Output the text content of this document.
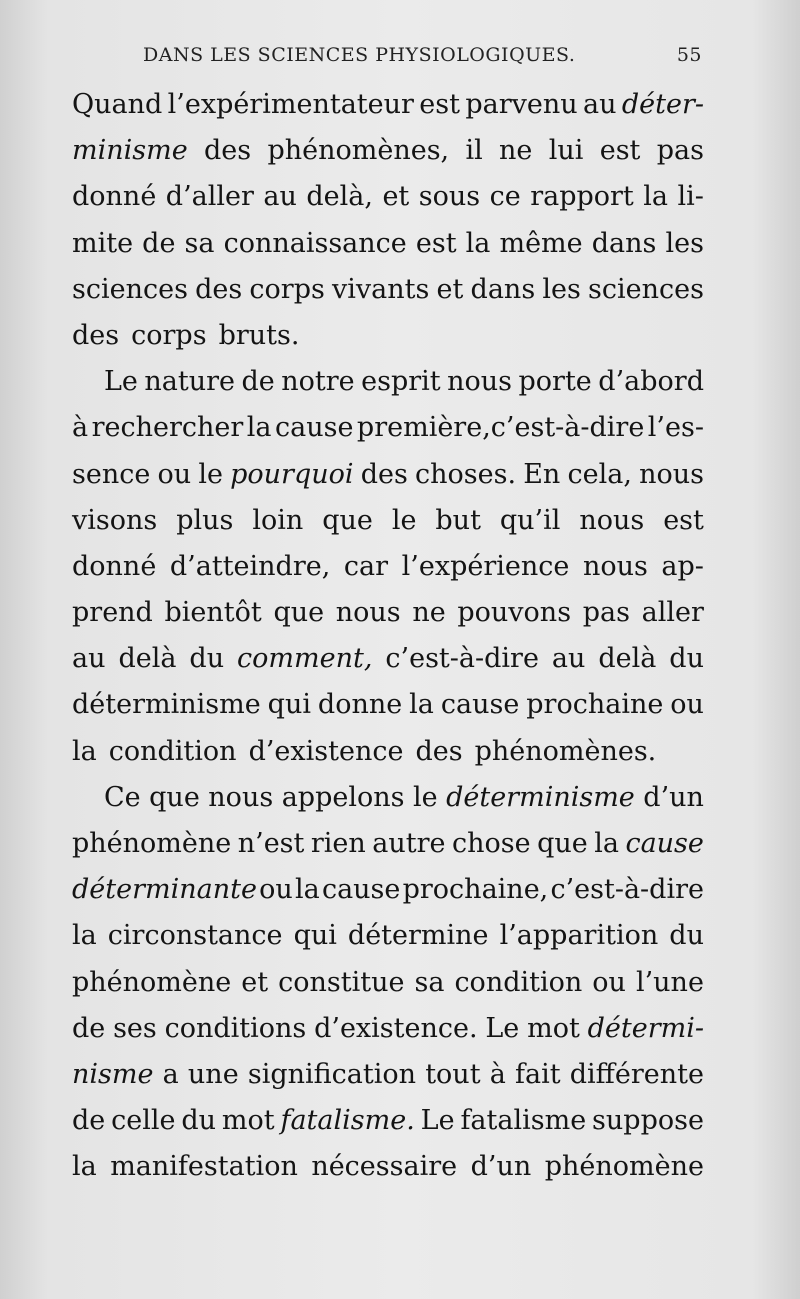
DANS LES SCIENCES PHYSIOLOGIQUES.	55
Quand l’expérimentateur est parvenu au déter-
minisme des phénomènes, il ne lui est pas
donné d’aller au delà, et sous ce rapport la li-
mite de sa connaissance est la même dans les
sciences des corps vivants et dans les sciences
des corps bruts.
Le nature de notre esprit nous porte d’abord
à rechercher la cause première,c’est-à-dire l’es-
sence ou le pourquoi des choses. En cela, nous
visons plus loin que le but qu’il nous est
donné d’atteindre, car l’expérience nous ap-
prend bientôt que nous ne pouvons pas aller
au delà du comment, c’est-à-dire au delà du
déterminisme qui donne la cause prochaine ou
la condition d’existence des phénomènes.
Ce que nous appelons le déterminisme d’un
phénomène n’est rien autre chose que la cause
déterminante ou la cause prochaine, c’est-à-dire
la circonstance qui détermine l’apparition du
phénomène et constitue sa condition ou l’une
de ses conditions d’existence. Le mot détermi-
nisme a une signification tout à fait différente
de celle du mot fatalisme. Le fatalisme suppose
la manifestation nécessaire d’un phénomène
